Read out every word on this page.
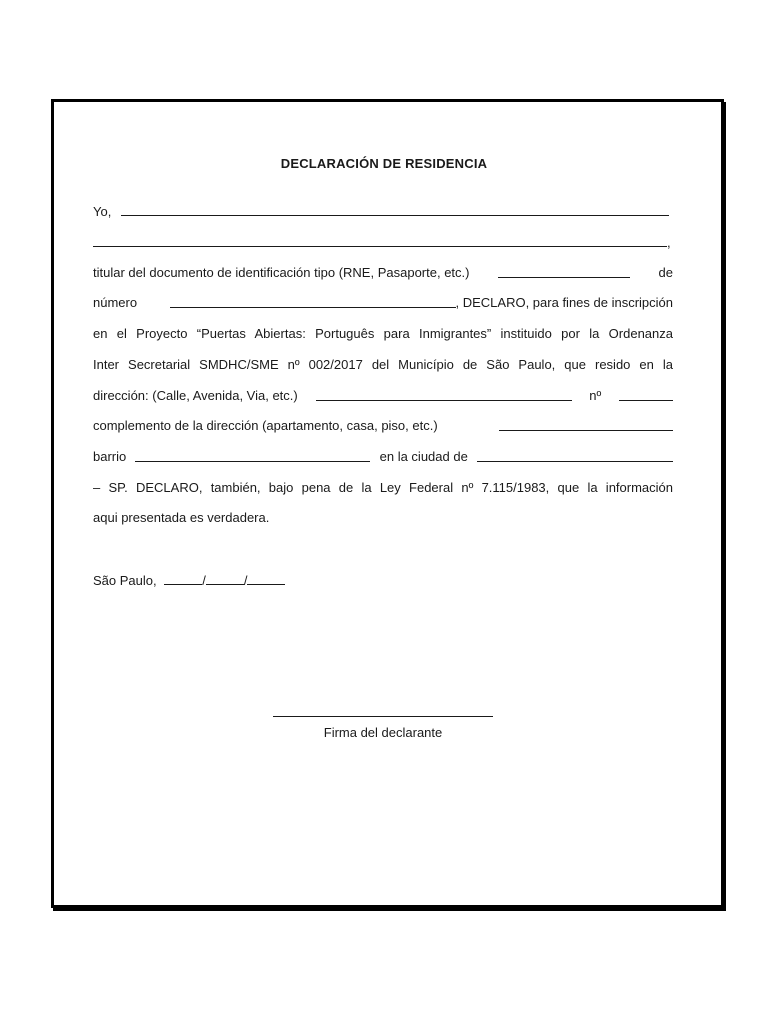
DECLARACIÓN DE RESIDENCIA
Yo,
,
titular del documento de identificación tipo (RNE, Pasaporte, etc.)	de
número	, DECLARO, para fines de inscripción
en el Proyecto “Puertas Abiertas: Português para Inmigrantes” instituido por la Ordenanza
Inter Secretarial SMDHC/SME nº 002/2017 del Município de São Paulo, que resido en la
dirección: (Calle, Avenida, Via, etc.)	nº
complemento de la dirección (apartamento, casa, piso, etc.)
barrio	en la ciudad de
– SP. DECLARO, también, bajo pena de la Ley Federal nº 7.115/1983, que la información
aqui presentada es verdadera.
São Paulo,	/	/
Firma del declarante
